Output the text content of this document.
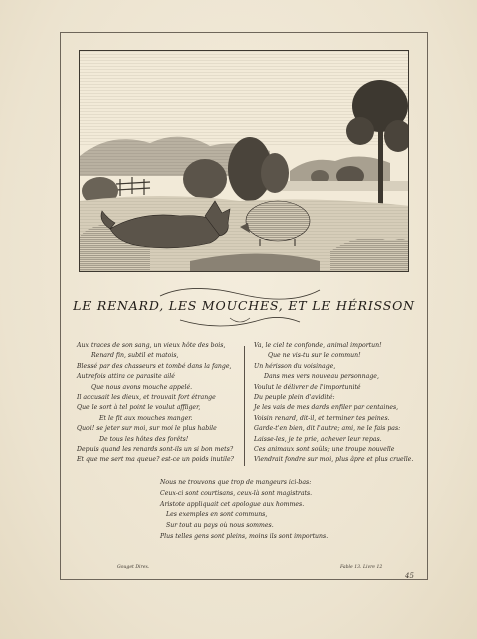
LE RENARD, LES MOUCHES, ET LE HÉRISSON
Aux traces de son sang, un vieux hôte des bois,
Renard fin, subtil et matois,
Blessé par des chasseurs et tombé dans la fange,
Autrefois attira ce parasite ailé
Que nous avons mouche appelé.
Il accusait les dieux, et trouvait fort étrange
Que le sort à tel point le voulut affliger,
Et le fit aux mouches manger.
Quoi! se jeter sur moi, sur moi le plus habile
De tous les hôtes des forêts!
Depuis quand les renards sont-ils un si bon mets?
Et que me sert ma queue? est-ce un poids inutile?
Va, le ciel te confonde, animal importun!
Que ne vis-tu sur le commun!
Un hérisson du voisinage,
Dans mes vers nouveau personnage,
Voulut le délivrer de l'importunité
Du peuple plein d'avidité:
Je les vais de mes dards enfiler par centaines,
Voisin renard, dit-il, et terminer tes peines.
Garde-t'en bien, dit l'autre; ami, ne le fais pas:
Laisse-les, je te prie, achever leur repas.
Ces animaux sont soûls; une troupe nouvelle
Viendrait fondre sur moi, plus âpre et plus cruelle.
Nous ne trouvons que trop de mangeurs ici-bas:
Ceux-ci sont courtisans, ceux-là sont magistrats.
Aristote appliquait cet apologue aux hommes.
Les exemples en sont communs,
Sur tout au pays où nous sommes.
Plus telles gens sont pleins, moins ils sont importuns.
Gouget Direx.	Fable 13. Livre 12
45
